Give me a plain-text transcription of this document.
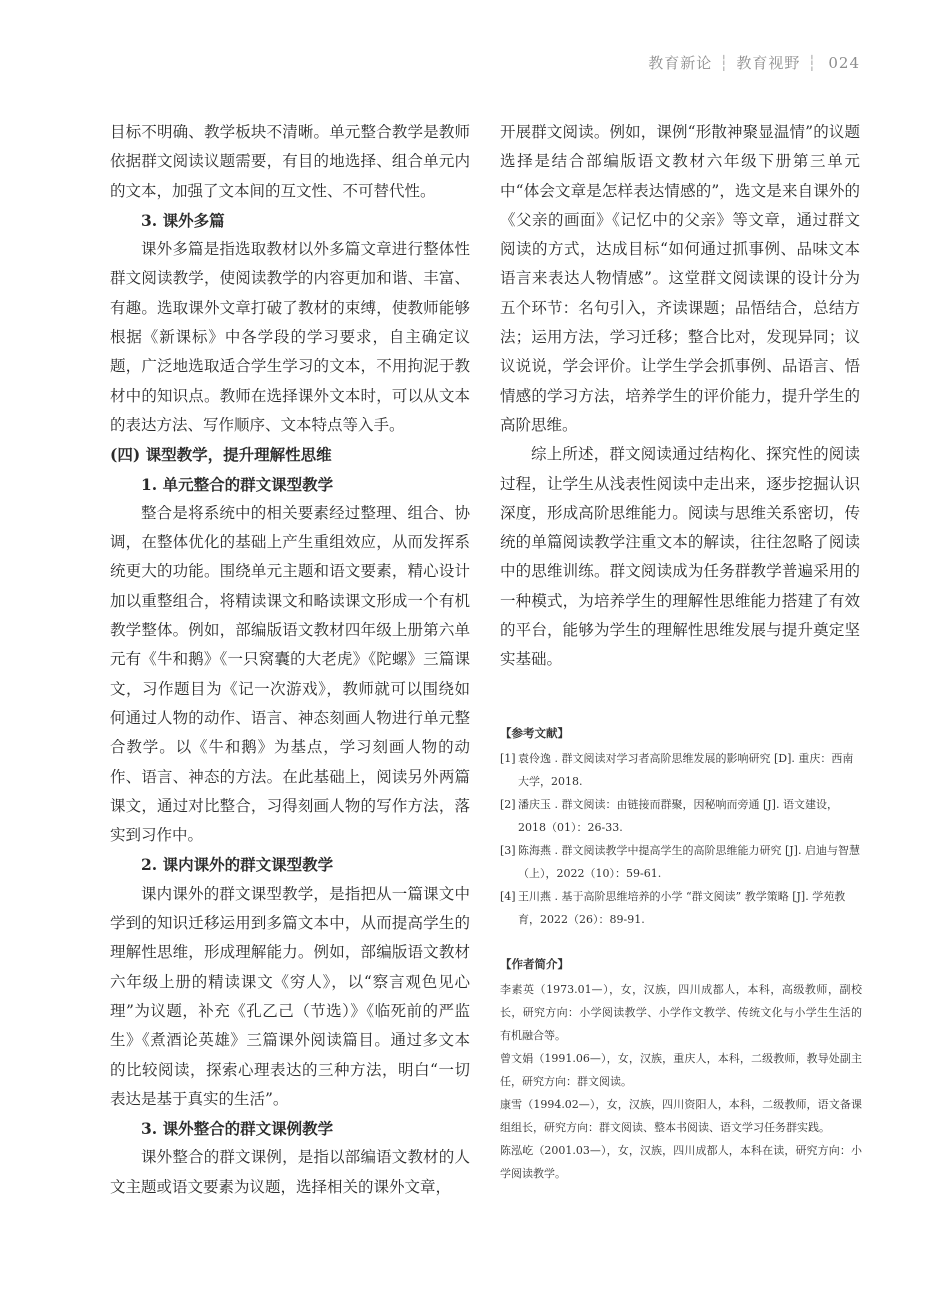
教育新论 ┆ 教育视野 ┆ 024

目标不明确、教学板块不清晰。单元整合教学是教师依据群文阅读议题需要，有目的地选择、组合单元内的文本，加强了文本间的互文性、不可替代性。

3. 课外多篇

课外多篇是指选取教材以外多篇文章进行整体性群文阅读教学，使阅读教学的内容更加和谐、丰富、有趣。选取课外文章打破了教材的束缚，使教师能够根据《新课标》中各学段的学习要求，自主确定议题，广泛地选取适合学生学习的文本，不用拘泥于教材中的知识点。教师在选择课外文本时，可以从文本的表达方法、写作顺序、文本特点等入手。

(四) 课型教学，提升理解性思维
1. 单元整合的群文课型教学

整合是将系统中的相关要素经过整理、组合、协调，在整体优化的基础上产生重组效应，从而发挥系统更大的功能。围绕单元主题和语文要素，精心设计加以重整组合，将精读课文和略读课文形成一个有机教学整体。例如，部编版语文教材四年级上册第六单元有《牛和鹅》《一只窝囊的大老虎》《陀螺》三篇课文，习作题目为《记一次游戏》，教师就可以围绕如何通过人物的动作、语言、神态刻画人物进行单元整合教学。以《牛和鹅》为基点，学习刻画人物的动作、语言、神态的方法。在此基础上，阅读另外两篇课文，通过对比整合，习得刻画人物的写作方法，落实到习作中。

2. 课内课外的群文课型教学

课内课外的群文课型教学，是指把从一篇课文中学到的知识迁移运用到多篇文本中，从而提高学生的理解性思维，形成理解能力。例如，部编版语文教材六年级上册的精读课文《穷人》，以“察言观色见心理”为议题，补充《孔乙己（节选）》《临死前的严监生》《煮酒论英雄》三篇课外阅读篇目。通过多文本的比较阅读，探索心理表达的三种方法，明白“一切表达是基于真实的生活”。

3. 课外整合的群文课例教学

课外整合的群文课例，是指以部编语文教材的人文主题或语文要素为议题，选择相关的课外文章，

开展群文阅读。例如，课例“形散神聚显温情”的议题选择是结合部编版语文教材六年级下册第三单元中“体会文章是怎样表达情感的”，选文是来自课外的《父亲的画面》《记忆中的父亲》等文章，通过群文阅读的方式，达成目标“如何通过抓事例、品味文本语言来表达人物情感”。这堂群文阅读课的设计分为五个环节：名句引入，齐读课题；品悟结合，总结方法；运用方法，学习迁移；整合比对，发现异同；议议说说，学会评价。让学生学会抓事例、品语言、悟情感的学习方法，培养学生的评价能力，提升学生的高阶思维。

综上所述，群文阅读通过结构化、探究性的阅读过程，让学生从浅表性阅读中走出来，逐步挖掘认识深度，形成高阶思维能力。阅读与思维关系密切，传统的单篇阅读教学注重文本的解读，往往忽略了阅读中的思维训练。群文阅读成为任务群教学普遍采用的一种模式，为培养学生的理解性思维能力搭建了有效的平台，能够为学生的理解性思维发展与提升奠定坚实基础。

【参考文献】
[1] 袁伶逸 . 群文阅读对学习者高阶思维发展的影响研究 [D]. 重庆：西南大学，2018.
[2] 潘庆玉 . 群文阅读：由链接而群聚，因秘响而旁通 [J]. 语文建设，2018（01）：26-33.
[3] 陈海燕 . 群文阅读教学中提高学生的高阶思维能力研究 [J]. 启迪与智慧（上），2022（10）：59-61.
[4] 王川燕 . 基于高阶思维培养的小学 “群文阅读” 教学策略 [J]. 学苑教育，2022（26）：89-91.
【作者简介】

李素英（1973.01—），女，汉族，四川成都人，本科，高级教师，副校长，研究方向：小学阅读教学、小学作文教学、传统文化与小学生生活的有机融合等。

曾文娟（1991.06—），女，汉族，重庆人，本科，二级教师，教导处副主任，研究方向：群文阅读。

康雪（1994.02—），女，汉族，四川资阳人，本科，二级教师，语文备课组组长，研究方向：群文阅读、整本书阅读、语文学习任务群实践。

陈泓屹（2001.03—），女，汉族，四川成都人，本科在读，研究方向：小学阅读教学。
